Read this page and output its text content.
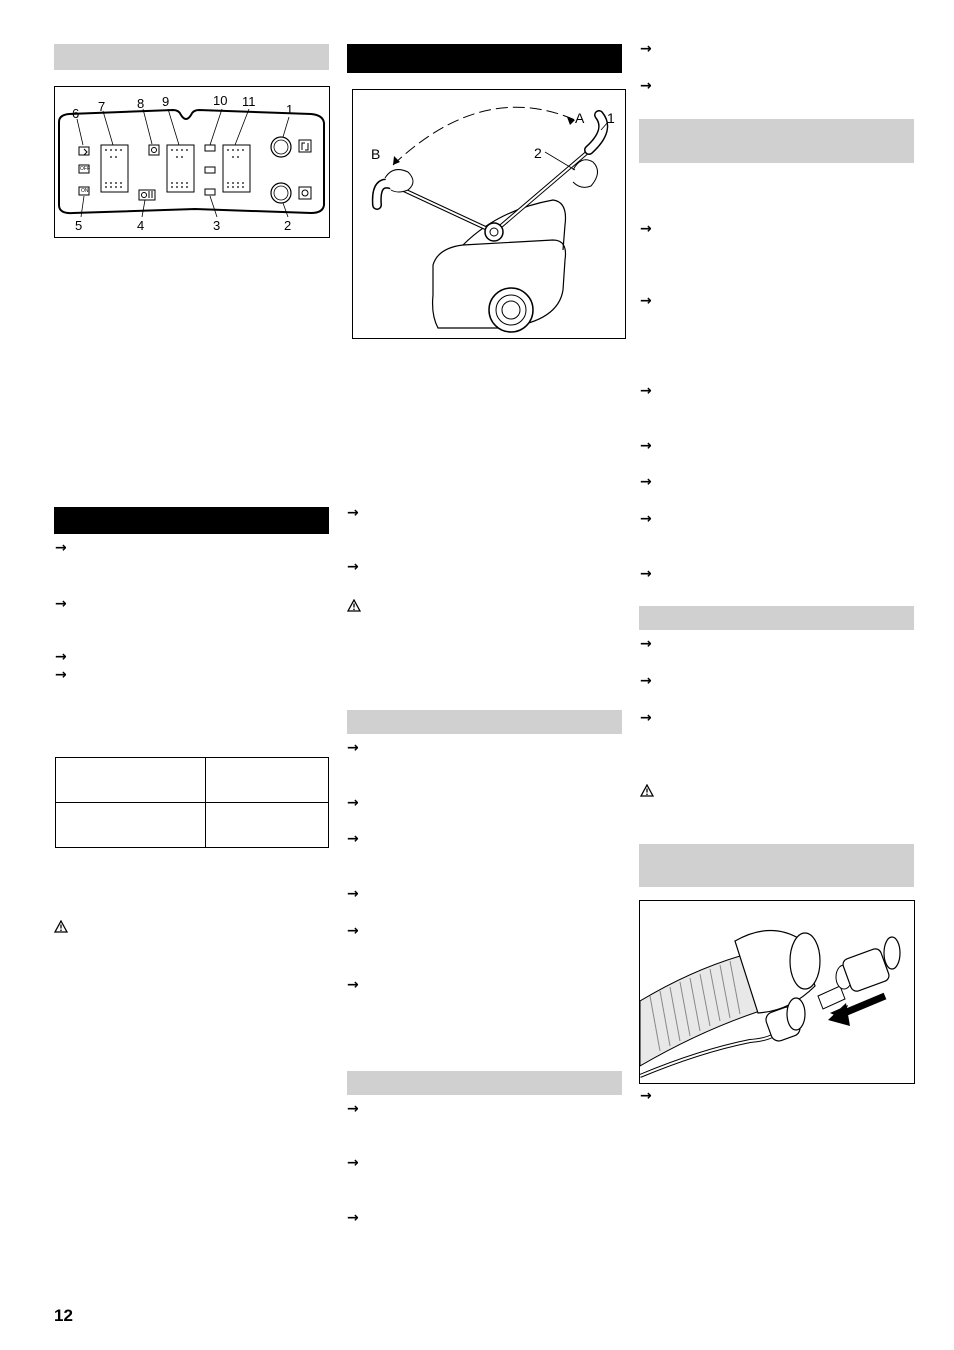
6 7 8 9	10 11
1
5	4	3	2
OFF
ON
→
→
→
→

A
B
1
2
→
→
→
→
→
→
→
→
→
→
→
→
→
→
→
→
→
→
→
→
→
→
→
→
12
